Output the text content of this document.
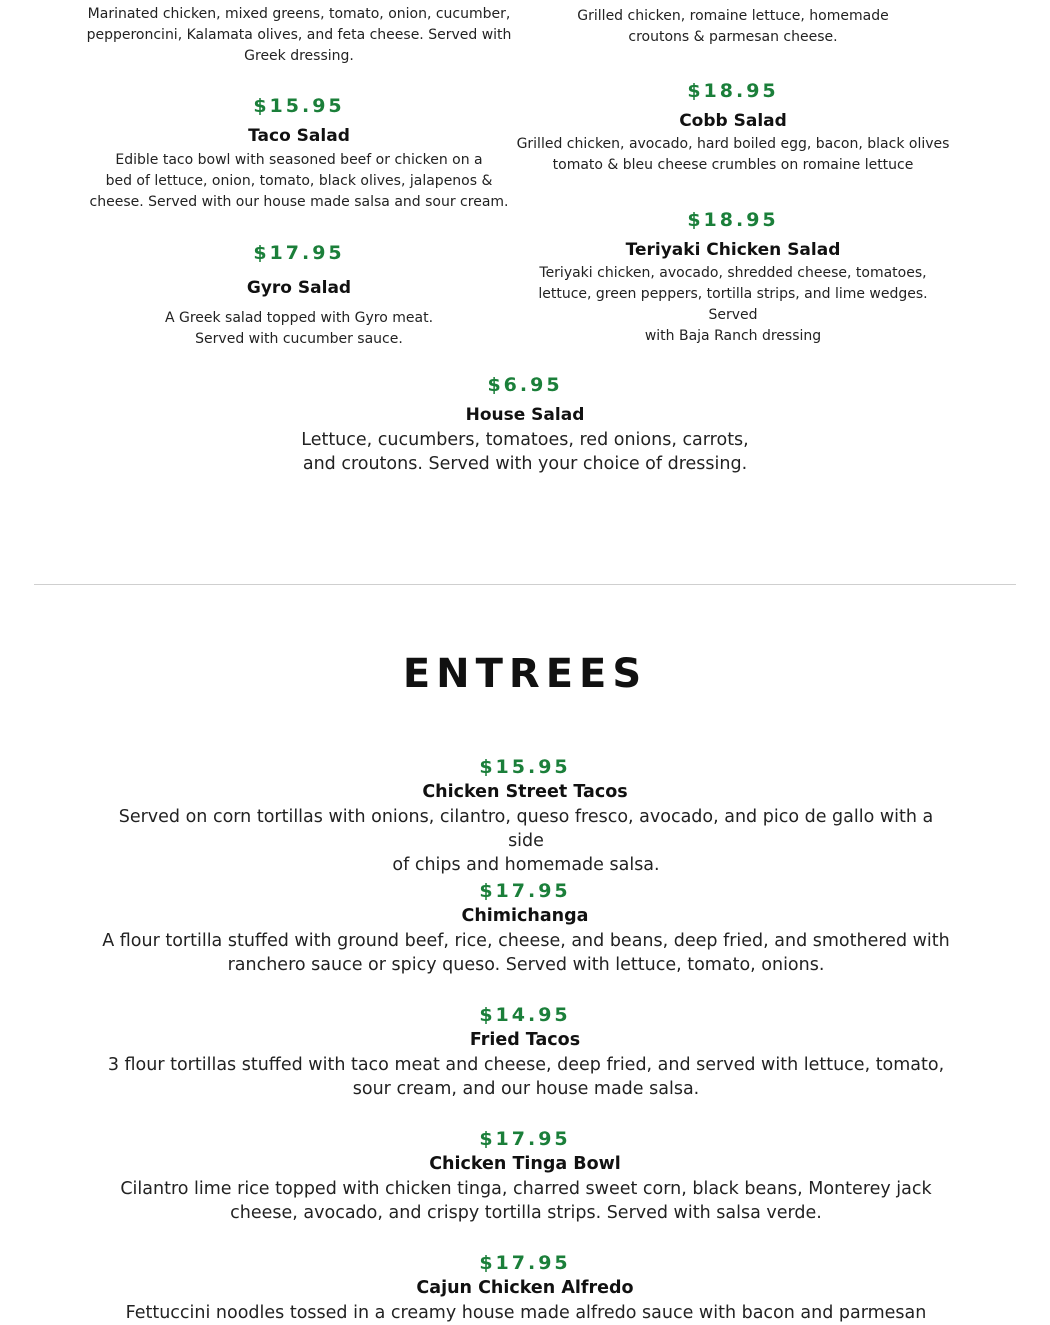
Marinated chicken, mixed greens, tomato, onion, cucumber,
pepperoncini, Kalamata olives, and feta cheese. Served with
Greek dressing.
$15.95
Taco Salad
Edible taco bowl with seasoned beef or chicken on a
bed of lettuce, onion, tomato, black olives, jalapenos &
cheese. Served with our house made salsa and sour cream.
$17.95
Gyro Salad
A Greek salad topped with Gyro meat.
Served with cucumber sauce.
Grilled chicken, romaine lettuce, homemade
croutons & parmesan cheese.
$18.95
Cobb Salad
Grilled chicken, avocado, hard boiled egg, bacon, black olives
tomato & bleu cheese crumbles on romaine lettuce
$18.95
Teriyaki Chicken Salad
Teriyaki chicken, avocado, shredded cheese, tomatoes,
lettuce, green peppers, tortilla strips, and lime wedges. Served
with Baja Ranch dressing
$6.95
House Salad
Lettuce, cucumbers, tomatoes, red onions, carrots,
and croutons. Served with your choice of dressing.
ENTREES
$15.95
Chicken Street Tacos
Served on corn tortillas with onions, cilantro, queso fresco, avocado, and pico de gallo with a side
of chips and homemade salsa.
$17.95
Chimichanga
A flour tortilla stuffed with ground beef, rice, cheese, and beans, deep fried, and smothered with
ranchero sauce or spicy queso. Served with lettuce, tomato, onions.
$14.95
Fried Tacos
3 flour tortillas stuffed with taco meat and cheese, deep fried, and served with lettuce, tomato,
sour cream, and our house made salsa.
$17.95
Chicken Tinga Bowl
Cilantro lime rice topped with chicken tinga, charred sweet corn, black beans, Monterey jack
cheese, avocado, and crispy tortilla strips. Served with salsa verde.
$17.95
Cajun Chicken Alfredo
Fettuccini noodles tossed in a creamy house made alfredo sauce with bacon and parmesan
